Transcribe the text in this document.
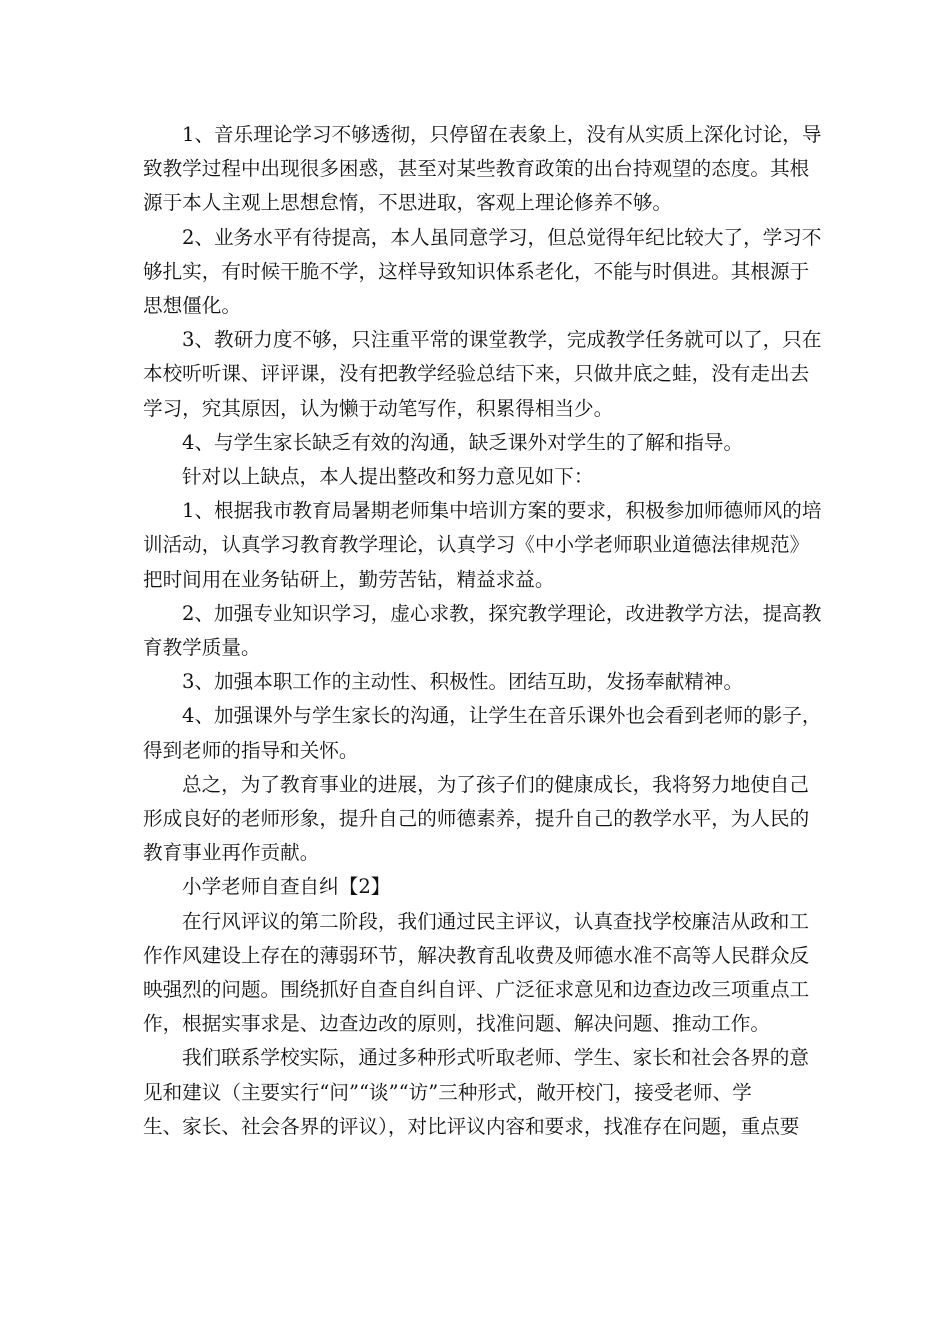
1、音乐理论学习不够透彻，只停留在表象上，没有从实质上深化讨论，导
致教学过程中出现很多困惑，甚至对某些教育政策的出台持观望的态度。其根
源于本人主观上思想怠惰，不思进取，客观上理论修养不够。
2、业务水平有待提高，本人虽同意学习，但总觉得年纪比较大了，学习不
够扎实，有时候干脆不学，这样导致知识体系老化，不能与时俱进。其根源于
思想僵化。
3、教研力度不够，只注重平常的课堂教学，完成教学任务就可以了，只在
本校听听课、评评课，没有把教学经验总结下来，只做井底之蛙，没有走出去
学习，究其原因，认为懒于动笔写作，积累得相当少。
4、与学生家长缺乏有效的沟通，缺乏课外对学生的了解和指导。
针对以上缺点，本人提出整改和努力意见如下：
1、根据我市教育局暑期老师集中培训方案的要求，积极参加师德师风的培
训活动，认真学习教育教学理论，认真学习《中小学老师职业道德法律规范》
把时间用在业务钻研上，勤劳苦钻，精益求益。
2、加强专业知识学习，虚心求教，探究教学理论，改进教学方法，提高教
育教学质量。
3、加强本职工作的主动性、积极性。团结互助，发扬奉献精神。
4、加强课外与学生家长的沟通，让学生在音乐课外也会看到老师的影子，
得到老师的指导和关怀。
总之，为了教育事业的进展，为了孩子们的健康成长，我将努力地使自己
形成良好的老师形象，提升自己的师德素养，提升自己的教学水平，为人民的
教育事业再作贡献。
小学老师自查自纠【2】
在行风评议的第二阶段，我们通过民主评议，认真查找学校廉洁从政和工
作作风建设上存在的薄弱环节，解决教育乱收费及师德水准不高等人民群众反
映强烈的问题。围绕抓好自查自纠自评、广泛征求意见和边查边改三项重点工
作，根据实事求是、边查边改的原则，找准问题、解决问题、推动工作。
我们联系学校实际，通过多种形式听取老师、学生、家长和社会各界的意
见和建议（主要实行“问”“谈”“访”三种形式，敞开校门，接受老师、学
生、家长、社会各界的评议），对比评议内容和要求，找准存在问题，重点要
